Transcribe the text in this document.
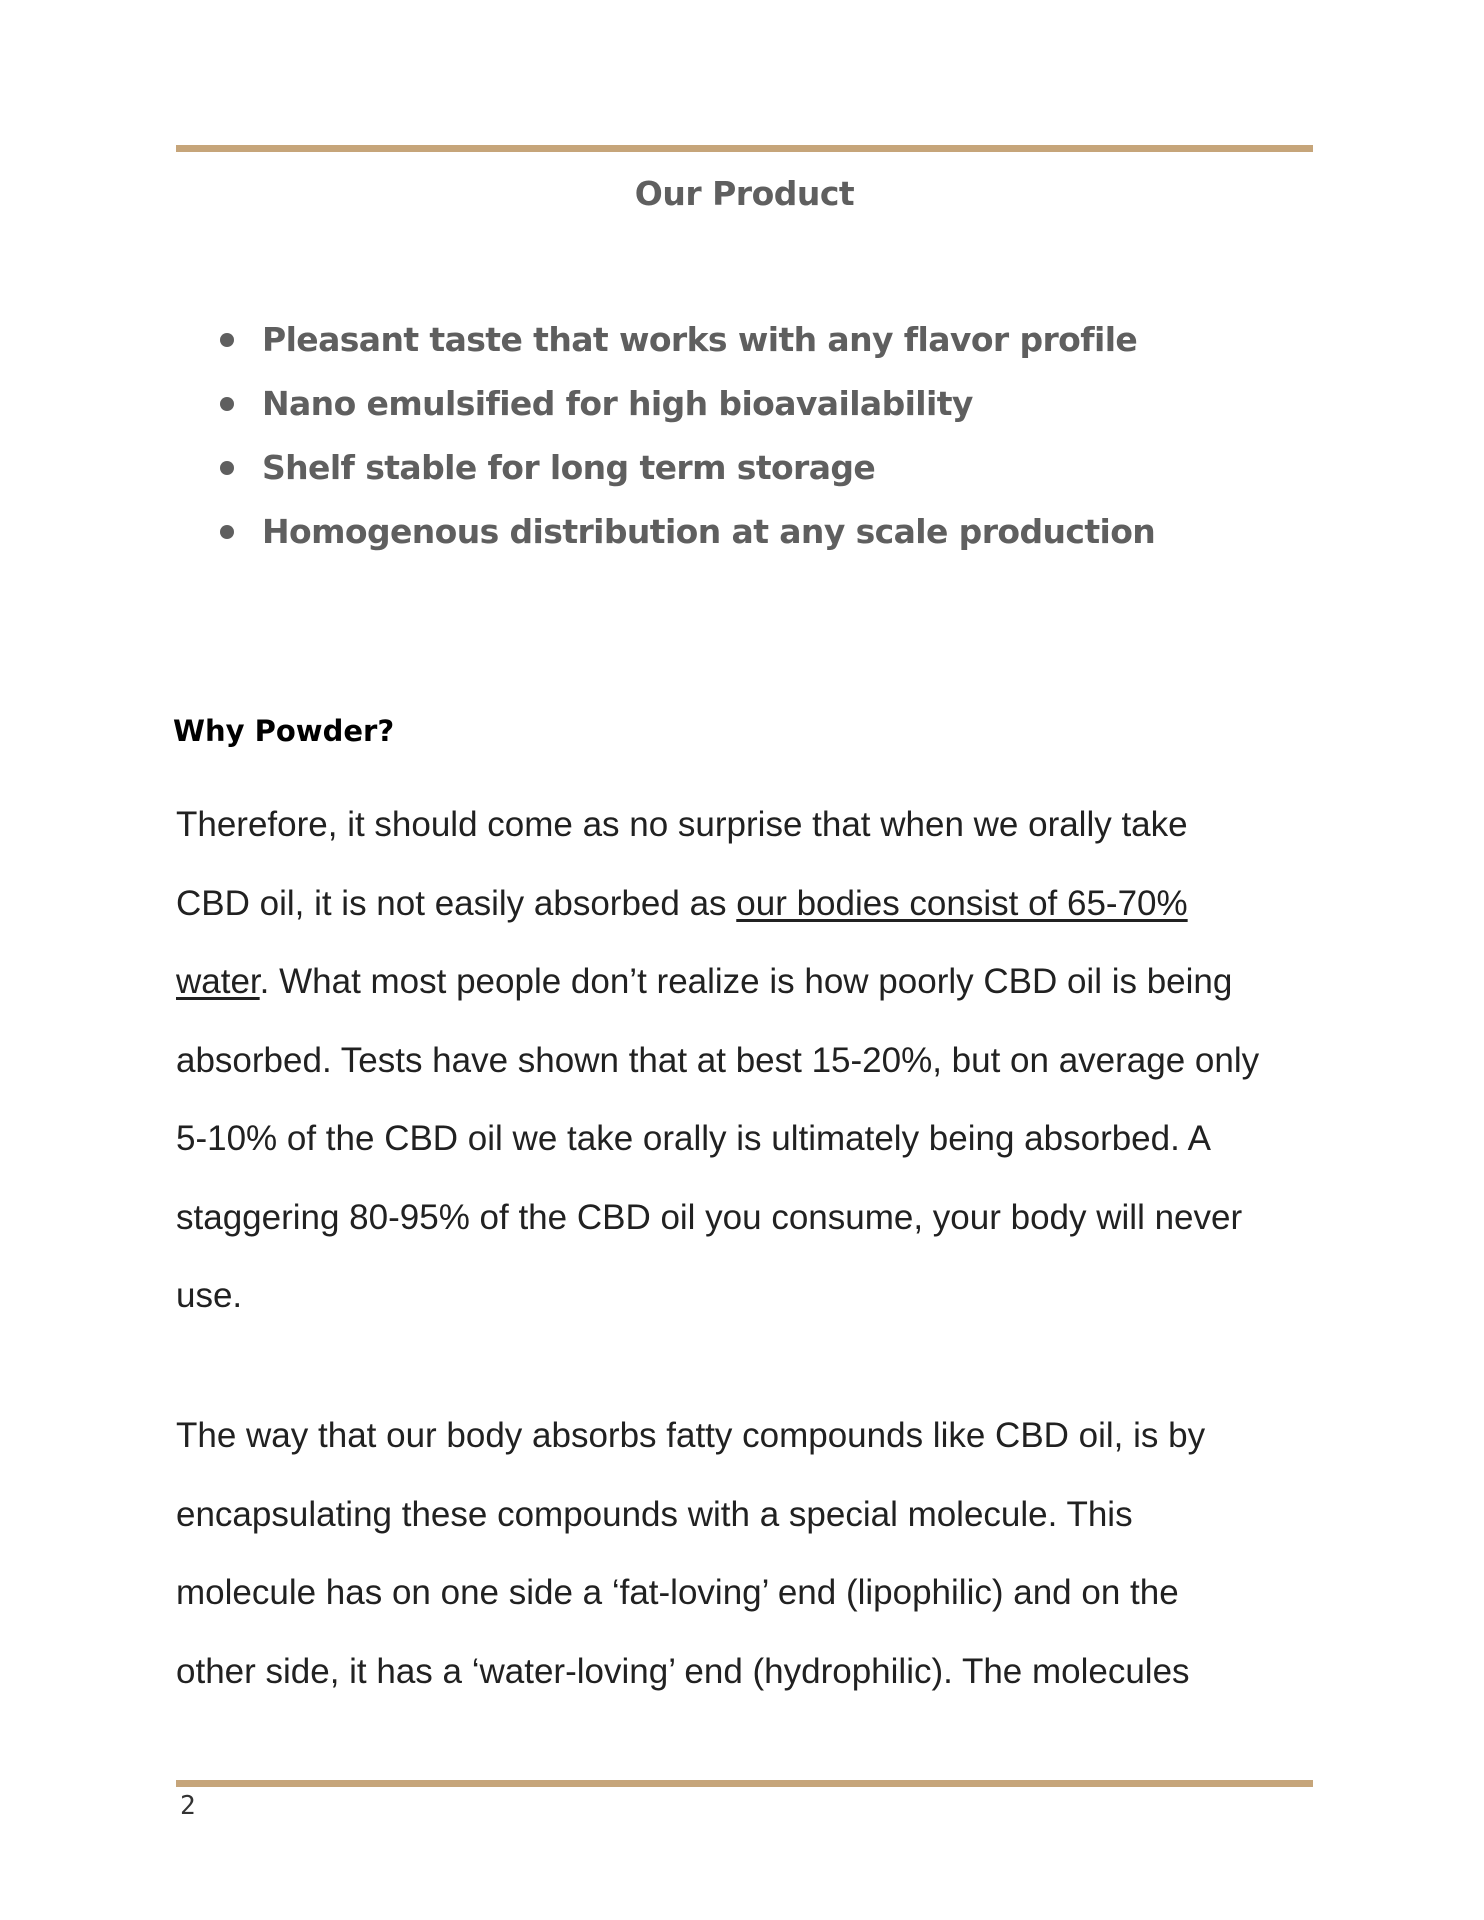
Our Product
Pleasant taste that works with any flavor profile
Nano emulsified for high bioavailability
Shelf stable for long term storage
Homogenous distribution at any scale production
Why Powder?

Therefore, it should come as no surprise that when we orally take
CBD oil, it is not easily absorbed as our bodies consist of 65-70%
water. What most people don’t realize is how poorly CBD oil is being
absorbed. Tests have shown that at best 15-20%, but on average only
5-10% of the CBD oil we take orally is ultimately being absorbed. A
staggering 80-95% of the CBD oil you consume, your body will never
use.

The way that our body absorbs fatty compounds like CBD oil, is by
encapsulating these compounds with a special molecule. This
molecule has on one side a ‘fat-loving’ end (lipophilic) and on the
other side, it has a ‘water-loving’ end (hydrophilic). The molecules

2
